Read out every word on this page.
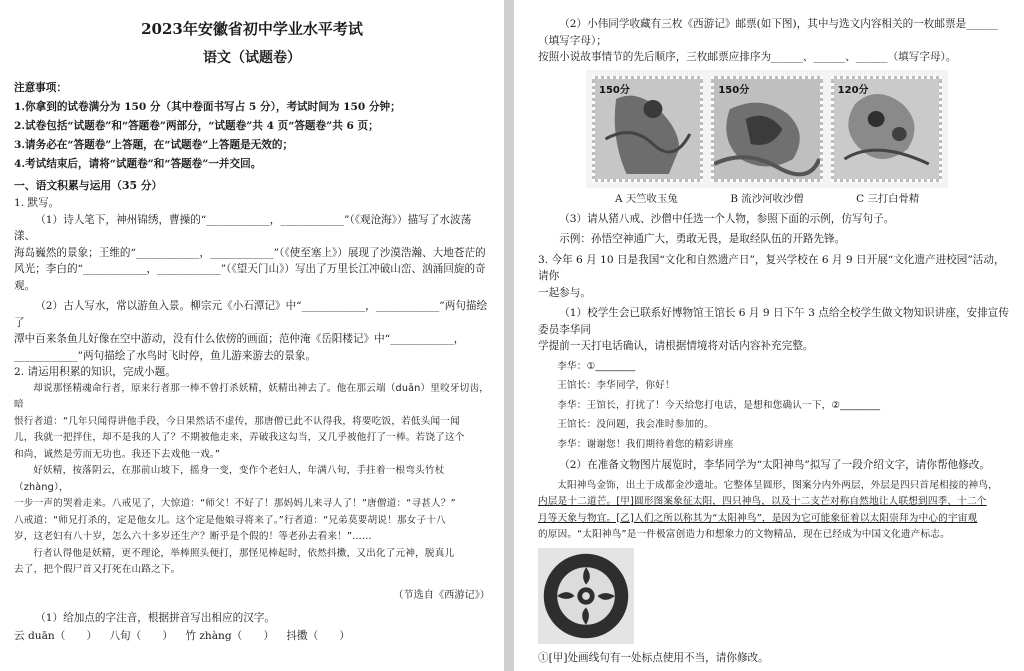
2023年安徽省初中学业水平考试
语文（试题卷）
注意事项：
1.你拿到的试卷满分为 150 分（其中卷面书写占 5 分），考试时间为 150 分钟；
2.试卷包括“试题卷”和“答题卷”两部分，“试题卷”共 4 页“答题卷”共 6 页；
3.请务必在“答题卷”上答题，在“试题卷”上答题是无效的；
4.考试结束后，请将“试题卷”和“答题卷”一并交回。
一、语文积累与运用（35 分）
1. 默写。
（1）诗人笔下，神州锦绣，曹操的“____________，____________”（《观沧海》）描写了水波荡漾、
海岛巍然的景象；王维的“____________，____________”（《使至塞上》）展现了沙漠浩瀚、大地苍茫的
风光；李白的“____________，____________”（《望天门山》）写出了万里长江冲破山峦、汹涌回旋的奇
观。
（2）古人写水，常以游鱼入景。柳宗元《小石潭记》中“____________，____________”两句描绘了
潭中百来条鱼儿好像在空中游动，没有什么依傍的画面；范仲淹《岳阳楼记》中“____________，
____________”两句描绘了水鸟时飞时停，鱼儿游来游去的景象。
2. 请运用积累的知识，完成小题。
却说那怪精魂命行者，原来行者那一棒不曾打杀妖精，妖精出神去了。他在那云端（duān）里咬牙切齿，暗
恨行者道：“几年只闻得讲他手段，今日果然话不虚传，那唐僧已此不认得我，将要吃饭，若低头闻一闻
儿，我就一把拌住，却不是我的人了？不期被他走来，弄破我这勾当，又几乎被他打了一棒。若饶了这个
和尚，诚然是劳而无功也。我还下去戏他一戏。”
好妖精，按落阴云，在那前山坡下，摇身一变，变作个老妇人，年满八旬，手拄着一根弯头竹杖（zhàng），
一步一声的哭着走来。八戒见了，大惊道：“师父！不好了！那妈妈儿来寻人了！”唐僧道：“寻甚人？”
八戒道：“师兄打杀的，定是他女儿。这个定是他娘寻将来了。”行者道：“兄弟莫要胡说！那女子十八
岁，这老妇有八十岁，怎么六十多岁还生产？断乎是个假的！等老孙去看来！”……
行者认得他是妖精，更不理论，举棒照头便打，那怪见棒起时，依然抖擞，又出化了元神，脱真儿
去了，把个假尸首又打死在山路之下。
（节选自《西游记》）
（1）给加点的字注音，根据拼音写出相应的汉字。
云 duān（　　） 八旬（　　） 竹 zhàng（　　） 抖擞（　　）
（2）小伟同学收藏有三枚《西游记》邮票(如下图)，其中与选文内容相关的一枚邮票是______（填写字母）；
按照小说故事情节的先后顺序，三枚邮票应排序为______、______、______（填写字母）。
150分	150分	120分
A 天竺收玉兔	B 流沙河收沙僧	C 三打白骨精
（3）请从猪八戒、沙僧中任选一个人物，参照下面的示例，仿写句子。
示例：孙悟空神通广大，勇敢无畏，是取经队伍的开路先锋。
3. 今年 6 月 10 日是我国“文化和自然遗产日”，复兴学校在 6 月 9 日开展“文化遗产进校园”活动，请你
一起参与。
（1）校学生会已联系好博物馆王馆长 6 月 9 日下午 3 点给全校学生做文物知识讲座，安排宣传委员李华同
学提前一天打电话确认，请根据情境将对话内容补充完整。
李华：①________
王馆长：李华同学，你好！
李华：王馆长，打扰了！今天给您打电话，是想和您确认一下，②________
王馆长：没问题，我会准时参加的。
李华：谢谢您！我们期待着您的精彩讲座
（2）在准备文物图片展览时，李华同学为“太阳神鸟”拟写了一段介绍文字，请你帮他修改。
太阳神鸟金饰，出土于成都金沙遗址。它整体呈圆形，图案分内外两层，外层是四只首尾相接的神鸟，
内层是十二道芒。[甲]圆形图案象征太阳，四只神鸟，以及十二支芒对称自然地让人联想到四季、十二个
月等天象与物宜。[乙]人们之所以称其为“太阳神鸟”，是因为它可能象征着以太阳崇拜为中心的宇宙观
的原因。“太阳神鸟”是一件极富创造力和想象力的文物精品，现在已经成为中国文化遗产标志。
①[甲]处画线句有一处标点使用不当，请你修改。
